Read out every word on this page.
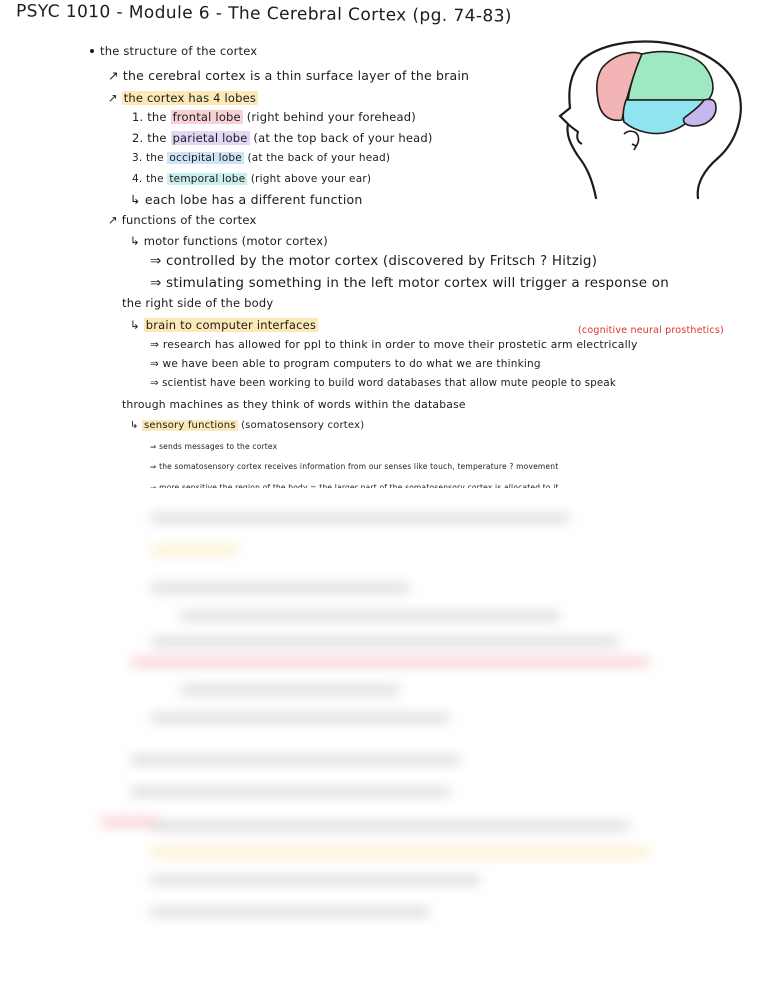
PSYC 1010 - Module 6 - The Cerebral Cortex (pg. 74-83)
the structure of the cortex
↗ the cerebral cortex is a thin surface layer of the brain
↗ the cortex has 4 lobes
1. the frontal lobe (right behind your forehead)
2. the parietal lobe (at the top back of your head)
3. the occipital lobe (at the back of your head)
4. the temporal lobe (right above your ear)
↳ each lobe has a different function
↗ functions of the cortex
↳ motor functions (motor cortex)
⇒ controlled by the motor cortex (discovered by Fritsch ? Hitzig)
⇒ stimulating something in the left motor cortex will trigger a response on
the right side of the body
↳ brain to computer interfaces	(cognitive neural prosthetics)
⇒ research has allowed for ppl to think in order to move their prostetic arm electrically
⇒ we have been able to program computers to do what we are thinking
⇒ scientist have been working to build word databases that allow mute people to speak
through machines as they think of words within the database
↳ sensory functions (somatosensory cortex)
⇒ sends messages to the cortex
⇒ the somatosensory cortex receives information from our senses like touch, temperature ? movement
